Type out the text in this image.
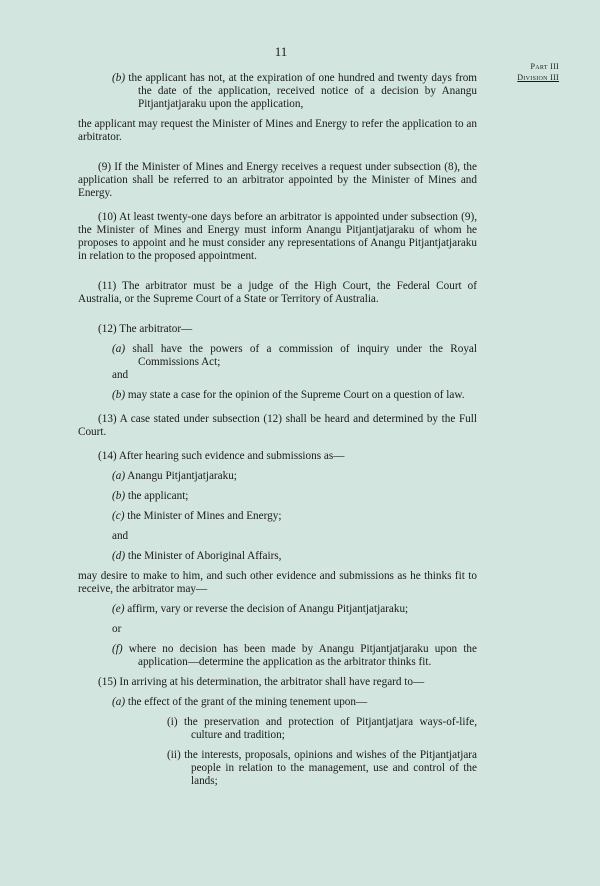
11
Part III
Division III

(b) the applicant has not, at the expiration of one hundred and twenty days from the date of the application, received notice of a decision by Anangu Pitjantjatjaraku upon the application,

the applicant may request the Minister of Mines and Energy to refer the application to an arbitrator.

(9) If the Minister of Mines and Energy receives a request under subsection (8), the application shall be referred to an arbitrator appointed by the Minister of Mines and Energy.

(10) At least twenty-one days before an arbitrator is appointed under subsection (9), the Minister of Mines and Energy must inform Anangu Pitjantjatjaraku of whom he proposes to appoint and he must consider any representations of Anangu Pitjantjatjaraku in relation to the proposed appointment.

(11) The arbitrator must be a judge of the High Court, the Federal Court of Australia, or the Supreme Court of a State or Territory of Australia.

(12) The arbitrator—

(a) shall have the powers of a commission of inquiry under the Royal Commissions Act;

and

(b) may state a case for the opinion of the Supreme Court on a question of law.

(13) A case stated under subsection (12) shall be heard and determined by the Full Court.

(14) After hearing such evidence and submissions as—

(a) Anangu Pitjantjatjaraku;

(b) the applicant;

(c) the Minister of Mines and Energy;

and

(d) the Minister of Aboriginal Affairs,

may desire to make to him, and such other evidence and submissions as he thinks fit to receive, the arbitrator may—

(e) affirm, vary or reverse the decision of Anangu Pitjantjatjaraku;

or

(f) where no decision has been made by Anangu Pitjantjatjaraku upon the application—determine the application as the arbitrator thinks fit.

(15) In arriving at his determination, the arbitrator shall have regard to—

(a) the effect of the grant of the mining tenement upon—

(i) the preservation and protection of Pitjantjatjara ways-of-life, culture and tradition;

(ii) the interests, proposals, opinions and wishes of the Pitjantjatjara people in relation to the management, use and control of the lands;
